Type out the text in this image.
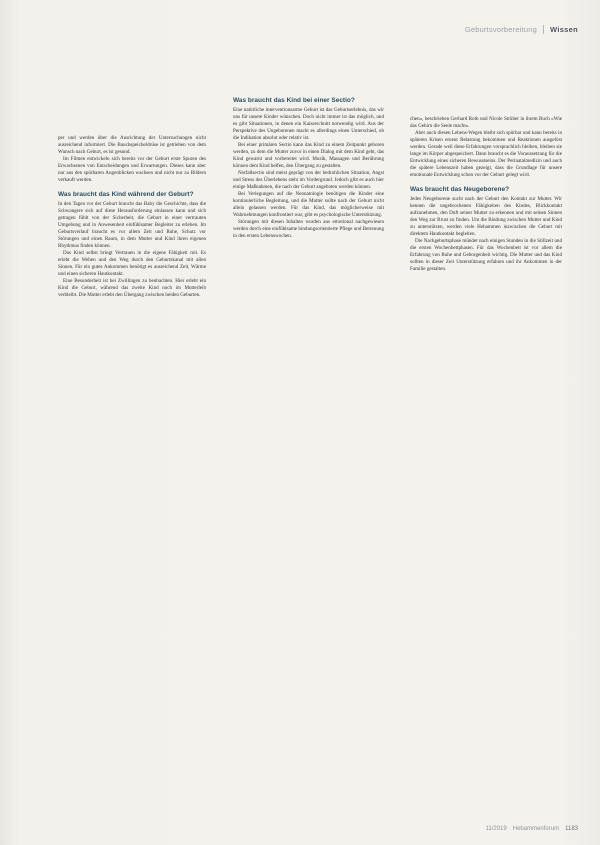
Geburtsvorbereitung Wissen

per und werden über die Ausrichtung der Untersuchungen nicht ausreichend informiert. Die Bauchspeicheldrüse ist getrieben von dem Wunsch nach Geburt, es ist gesund.

Im Filmen entwickeln sich bereits vor der Geburt erste Spuren des Erwachsenen von Entscheidungen und Erwartungen. Dieses kann aber nur aus den spürbaren Augenblicken wachsen und nicht nur zu Bildern verkauft werden.

Was braucht das Kind während der Geburt?

In den Tagen vor der Geburt braucht das Baby die Geschichte, dass die Schwangere sich auf diese Herausforderung einlassen kann und sich getragen fühlt von der Sicherheit, die Geburt in einer vertrauten Umgebung und in Anwesenheit einfühlsamer Begleiter zu erleben. Im Geburtsverlauf braucht es vor allem Zeit und Ruhe, Schutz vor Störungen und einen Raum, in dem Mutter und Kind ihren eigenen Rhythmus finden können.

Das Kind selbst bringt Vertrauen in die eigene Fähigkeit mit. Es erlebt die Wehen und den Weg durch den Geburtskanal mit allen Sinnen. Für ein gutes Ankommen benötigt es ausreichend Zeit, Wärme und einen sicheren Hautkontakt.

Eine Besonderheit ist bei Zwillingen zu beobachten. Hier erlebt ein Kind die Geburt, während das zweite Kind noch im Mutterleib verbleibt. Die Mutter erlebt den Übergang zwischen beiden Geburten.

Was braucht das Kind bei einer Sectio?

Eine natürliche interventionsarme Geburt ist das Geburtserlebnis, das wir uns für unsere Kinder wünschen. Doch nicht immer ist das möglich, und es gibt Situationen, in denen ein Kaiserschnitt notwendig wird. Aus der Perspektive des Ungeborenen macht es allerdings einen Unterschied, ob die Indikation absolut oder relativ ist.

Bei einer primären Sectio kann das Kind zu einem Zeitpunkt geboren werden, zu dem die Mutter zuvor in einen Dialog mit dem Kind geht, das Kind gewarnt und vorbereitet wird. Musik, Massagen und Berührung können dem Kind helfen, den Übergang zu gestalten.

Notfallsectio sind meist geprägt von der bedrohlichen Situation, Angst und Stress des Überlebens steht im Vordergrund. Jedoch gibt es auch hier einige Maßnahmen, die nach der Geburt angeboten werden können.

Bei Verlegungen auf die Neonatologie benötigen die Kinder eine kontinuierliche Begleitung, und die Mutter sollte nach der Geburt nicht allein gelassen werden. Für das Kind, das möglicherweise mit Wahrnehmungen konfrontiert war, gibt es psychologische Unterstützung.

Störungen mit diesen Inhalten wurden aus emotional nachgewiesen werden durch eine einfühlsame bindungsorientierte Pflege und Betreuung in den ersten Lebenswochen.

chen«, beschrieben Gerhard Roth und Nicole Strüber in ihrem Buch »Wie das Gehirn die Seele macht«.

Aber auch diesen Lebens-Wegen bleibt sich spürbar und kann bereits in späteren Krisen erneut Belastung bekommen und Reaktionen ausgelöst werden. Gerade weil diese Erfahrungen vorsprachlich bleiben, bleiben sie lange im Körper abgespeichert. Dann braucht es die Voraussetzung für die Entwicklung eines sicheren Bewusstseins. Der Perinatalmedizin und auch die spätere Lebenszeit haben gezeigt, dass die Grundlage für unsere emotionale Entwicklung schon vor der Geburt gelegt wird.

Was braucht das Neugeborene?

Jedes Neugeborene sucht nach der Geburt den Kontakt zur Mutter. Wir kennen die ungebrochenen Fähigkeiten des Kindes, Blickkontakt aufzunehmen, den Duft seiner Mutter zu erkennen und mit seinen Sinnen den Weg zur Brust zu finden. Um die Bindung zwischen Mutter und Kind zu unterstützen, werden viele Hebammen inzwischen die Geburt mit direktem Hautkontakt begleiten.

Die Nachgeburtsphase mündet nach einigen Stunden in die Stillzeit und die ersten Wochenbettphasen. Für das Wochenbett ist vor allem die Erfahrung von Ruhe und Geborgenheit wichtig. Die Mutter und das Kind sollten in dieser Zeit Unterstützung erfahren und ihr Ankommen in der Familie gestalten.

11/2019 Hebammenforum 1183
